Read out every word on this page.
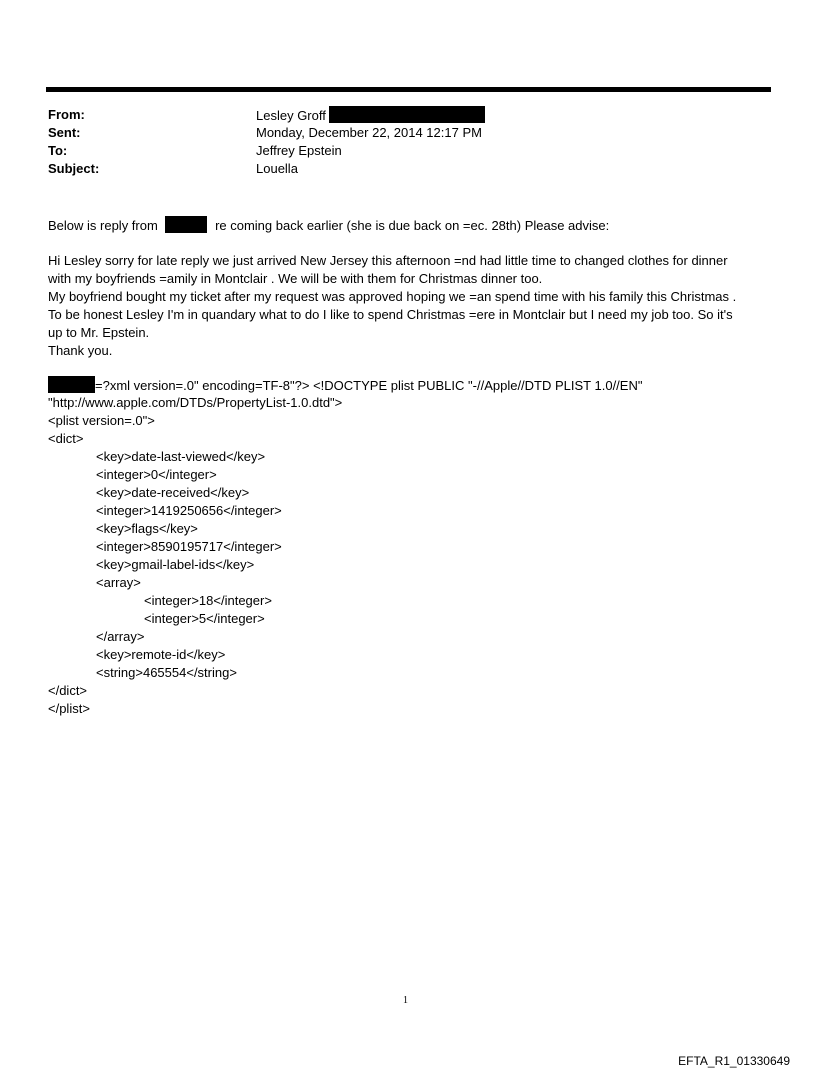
From:	Lesley Groff
Sent:	Monday, December 22, 2014 12:17 PM
To:	Jeffrey Epstein
Subject:	Louella
Below is reply from	re coming back earlier (she is due back on =ec. 28th) Please advise:
Hi Lesley sorry for late reply we just arrived New Jersey this afternoon =nd had little time to changed clothes for dinner
with my boyfriends =amily in Montclair . We will be with them for Christmas dinner too.
My boyfriend bought my ticket after my request was approved hoping we =an spend time with his family this Christmas .
To be honest Lesley I'm in quandary what to do I like to spend Christmas =ere in Montclair but I need my job too. So it's
up to Mr. Epstein.
Thank you.
=?xml version=.0" encoding=TF-8"?> <!DOCTYPE plist PUBLIC "-//Apple//DTD PLIST 1.0//EN"
"http://www.apple.com/DTDs/PropertyList-1.0.dtd">
<plist version=.0">
<dict>
<key>date-last-viewed</key>
<integer>0</integer>
<key>date-received</key>
<integer>1419250656</integer>
<key>flags</key>
<integer>8590195717</integer>
<key>gmail-label-ids</key>
<array>
<integer>18</integer>
<integer>5</integer>
</array>
<key>remote-id</key>
<string>465554</string>
</dict>
</plist>
1
EFTA_R1_01330649
